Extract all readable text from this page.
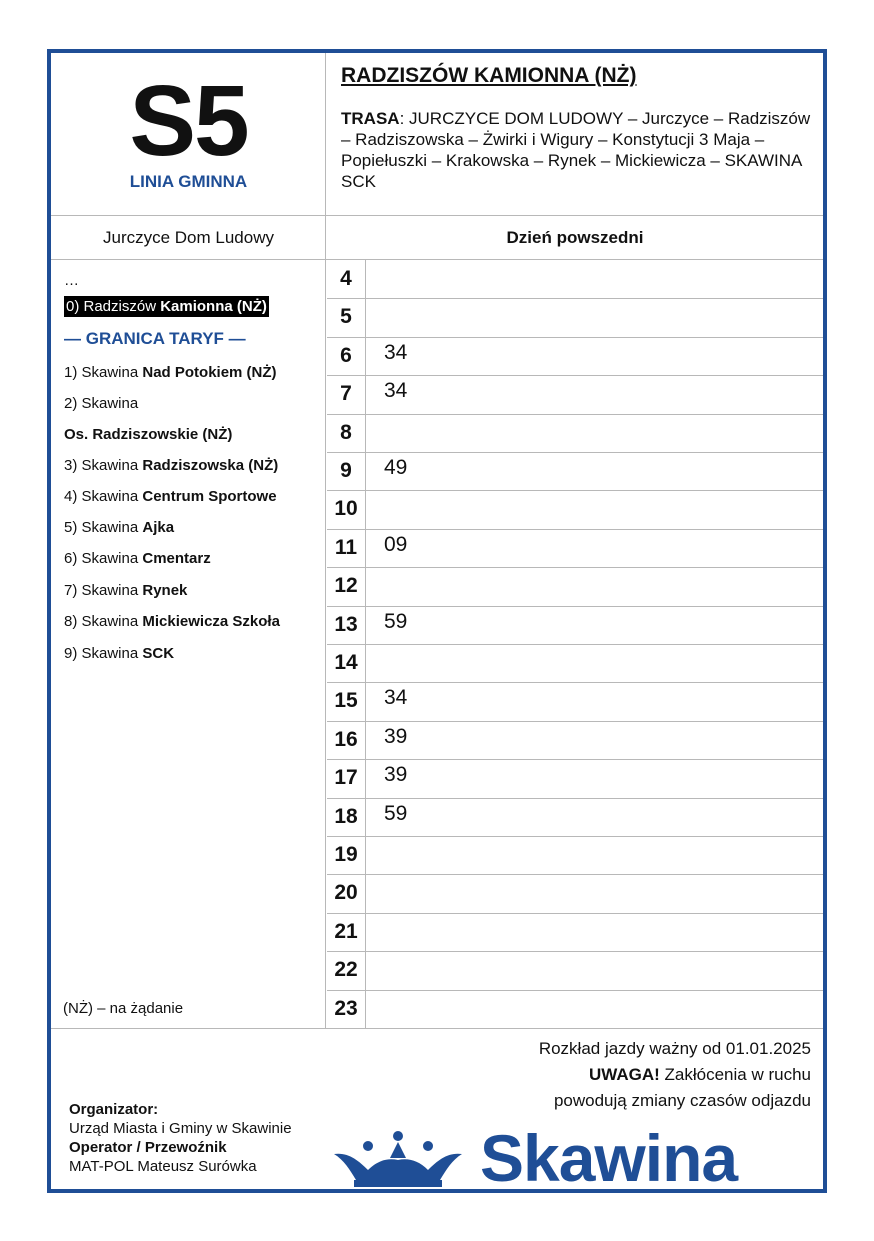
S5
LINIA GMINNA
RADZISZÓW KAMIONNA (NŻ)
TRASA: JURCZYCE DOM LUDOWY – Jurczyce – Radziszów – Radziszowska – Żwirki i Wigury – Konstytucji 3 Maja – Popiełuszki – Krakowska – Rynek – Mickiewicza – SKAWINA SCK
Jurczyce Dom Ludowy	Dzień powszedni
…
0) Radziszów Kamionna (NŻ)
— GRANICA TARYF —
1) Skawina Nad Potokiem (NŻ)
2) Skawina
Os. Radziszowskie (NŻ)
3) Skawina Radziszowska (NŻ)
4) Skawina Centrum Sportowe
5) Skawina Ajka
6) Skawina Cmentarz
7) Skawina Rynek
8) Skawina Mickiewicza Szkoła
9) Skawina SCK
(NŻ) – na żądanie
4
5
6	34
7	34
8
9	49
10
11	09
12
13	59
14
15	34
16	39
17	39
18	59
19
20
21
22
23
Rozkład jazdy ważny od 01.01.2025
UWAGA! Zakłócenia w ruchu
powodują zmiany czasów odjazdu
Organizator:
Urząd Miasta i Gminy w Skawinie
Operator / Przewoźnik
MAT-POL Mateusz Surówka	Skawina
